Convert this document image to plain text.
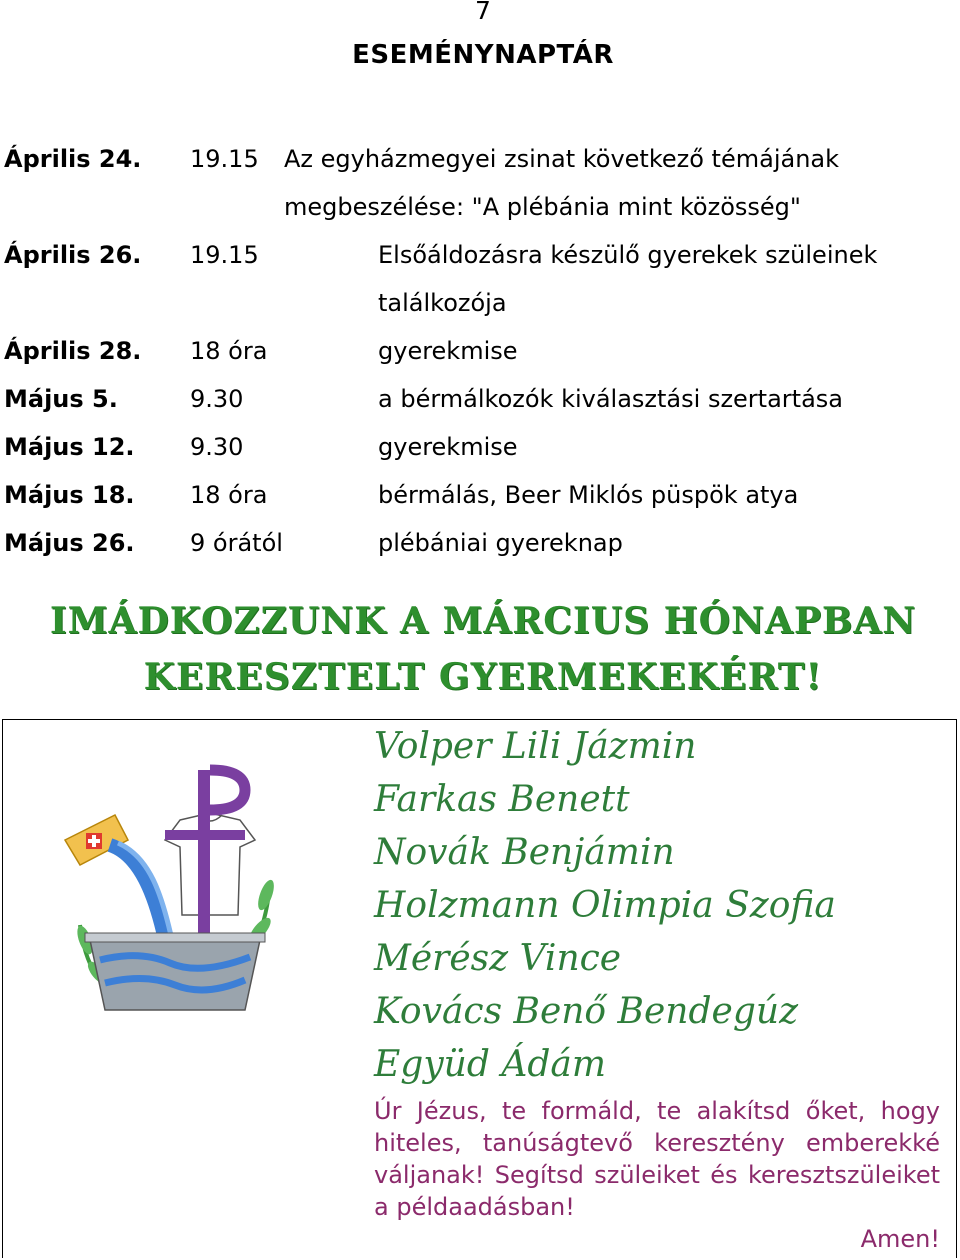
7
ESEMÉNYNAPTÁR
Április 24. 19.15 Az egyházmegyei zsinat következő témájának
megbeszélése: "A plébánia mint közösség"
Április 26. 19.15	Elsőáldozásra készülő gyerekek szüleinek
találkozója
Április 28. 18 óra	gyerekmise
Május 5.	9.30	a bérmálkozók kiválasztási szertartása
Május 12. 9.30	gyerekmise
Május 18. 18 óra	bérmálás, Beer Miklós püspök atya
Május 26. 9 órától	plébániai gyereknap
IMÁDKOZZUNK A MÁRCIUS HÓNAPBAN
KERESZTELT GYERMEKEKÉRT!
Volper Lili Jázmin
Farkas Benett
Novák Benjámin
Holzmann Olimpia Szofia
Mérész Vince
Kovács Benő Bendegúz
Együd Ádám
Úr Jézus, te formáld, te alakítsd őket, hogy hiteles, tanúságtevő keresztény emberekké váljanak! Segítsd szüleiket és keresztszüleiket a példaadásban!
Amen!
